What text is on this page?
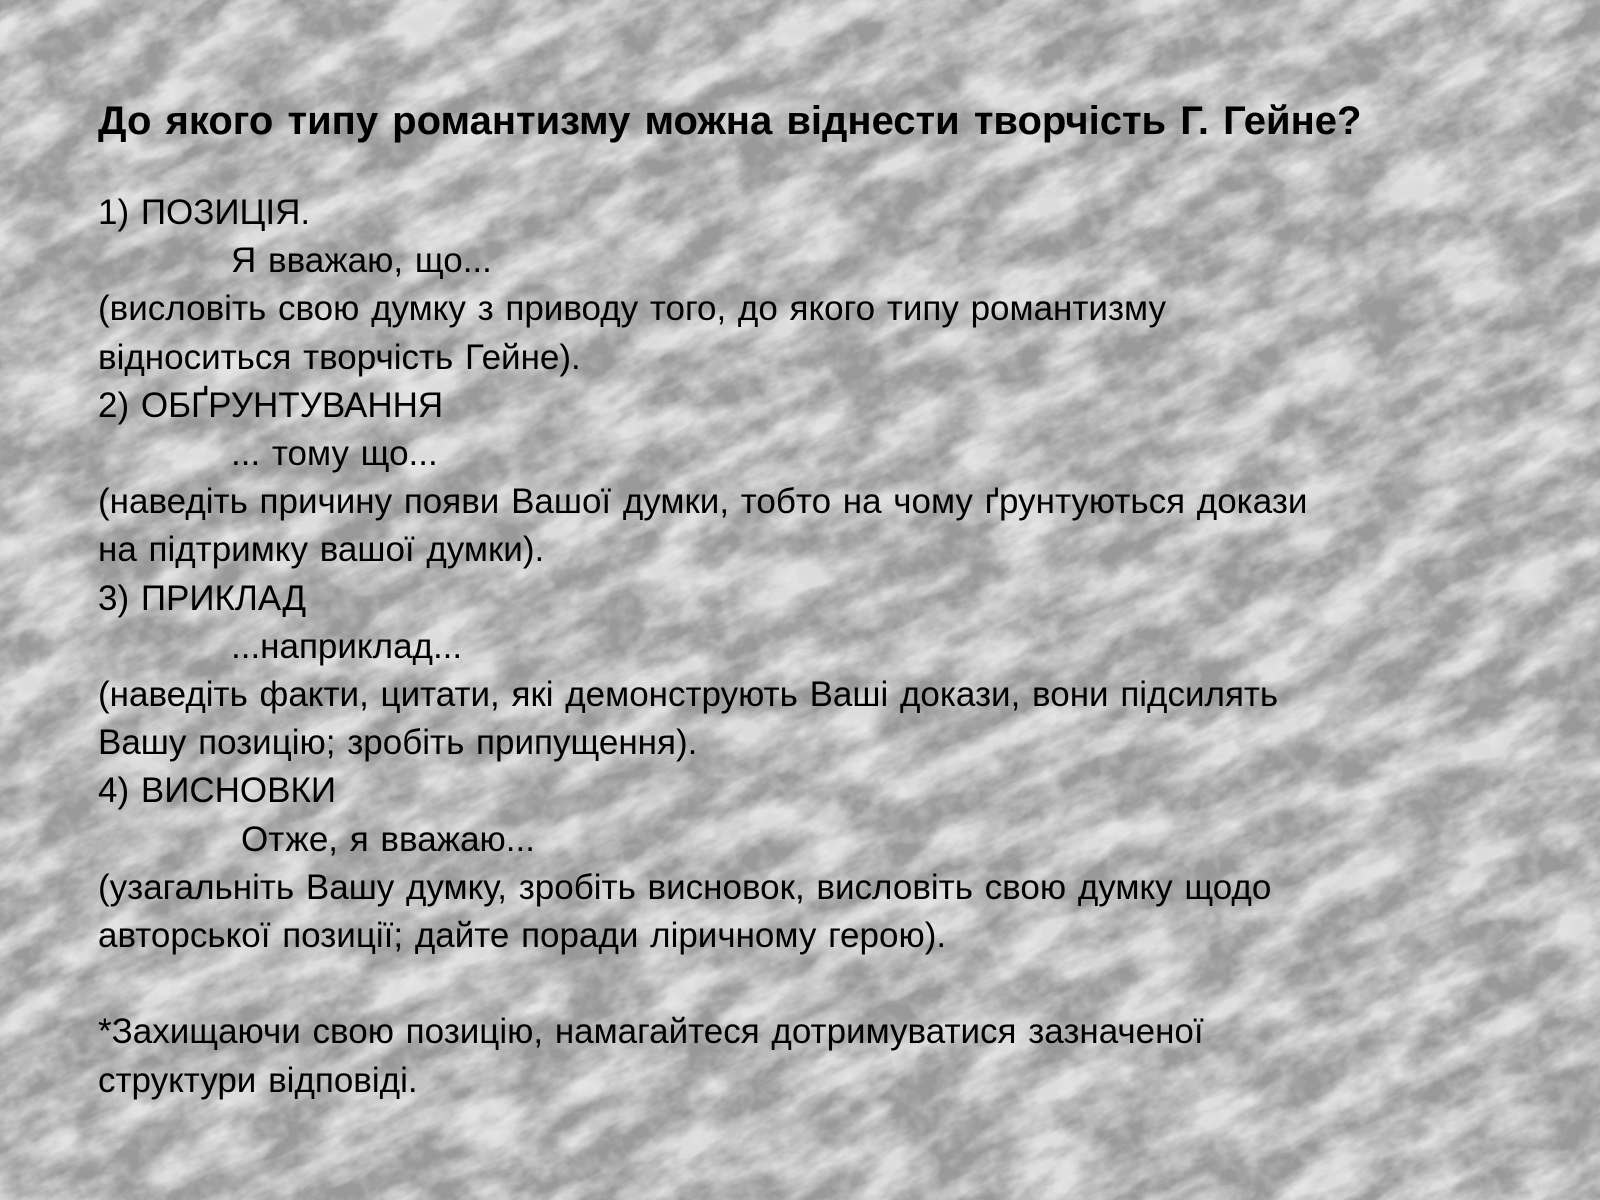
До якого типу романтизму можна віднести творчість Г. Гейне?

1) ПОЗИЦІЯ.

Я вважаю, що...

(висловіть свою думку з приводу того, до якого типу романтизму

відноситься творчість Гейне).

2) ОБҐРУНТУВАННЯ

... тому що...

(наведіть причину появи Вашої думки, тобто на чому ґрунтуються докази

на підтримку вашої думки).

3) ПРИКЛАД

...наприклад...

(наведіть факти, цитати, які демонструють Ваші докази, вони підсилять

Вашу позицію; зробіть припущення).

4) ВИСНОВКИ

Отже, я вважаю...

(узагальніть Вашу думку, зробіть висновок, висловіть свою думку щодо

авторської позиції; дайте поради ліричному герою).

*Захищаючи свою позицію, намагайтеся дотримуватися зазначеної

структури відповіді.
